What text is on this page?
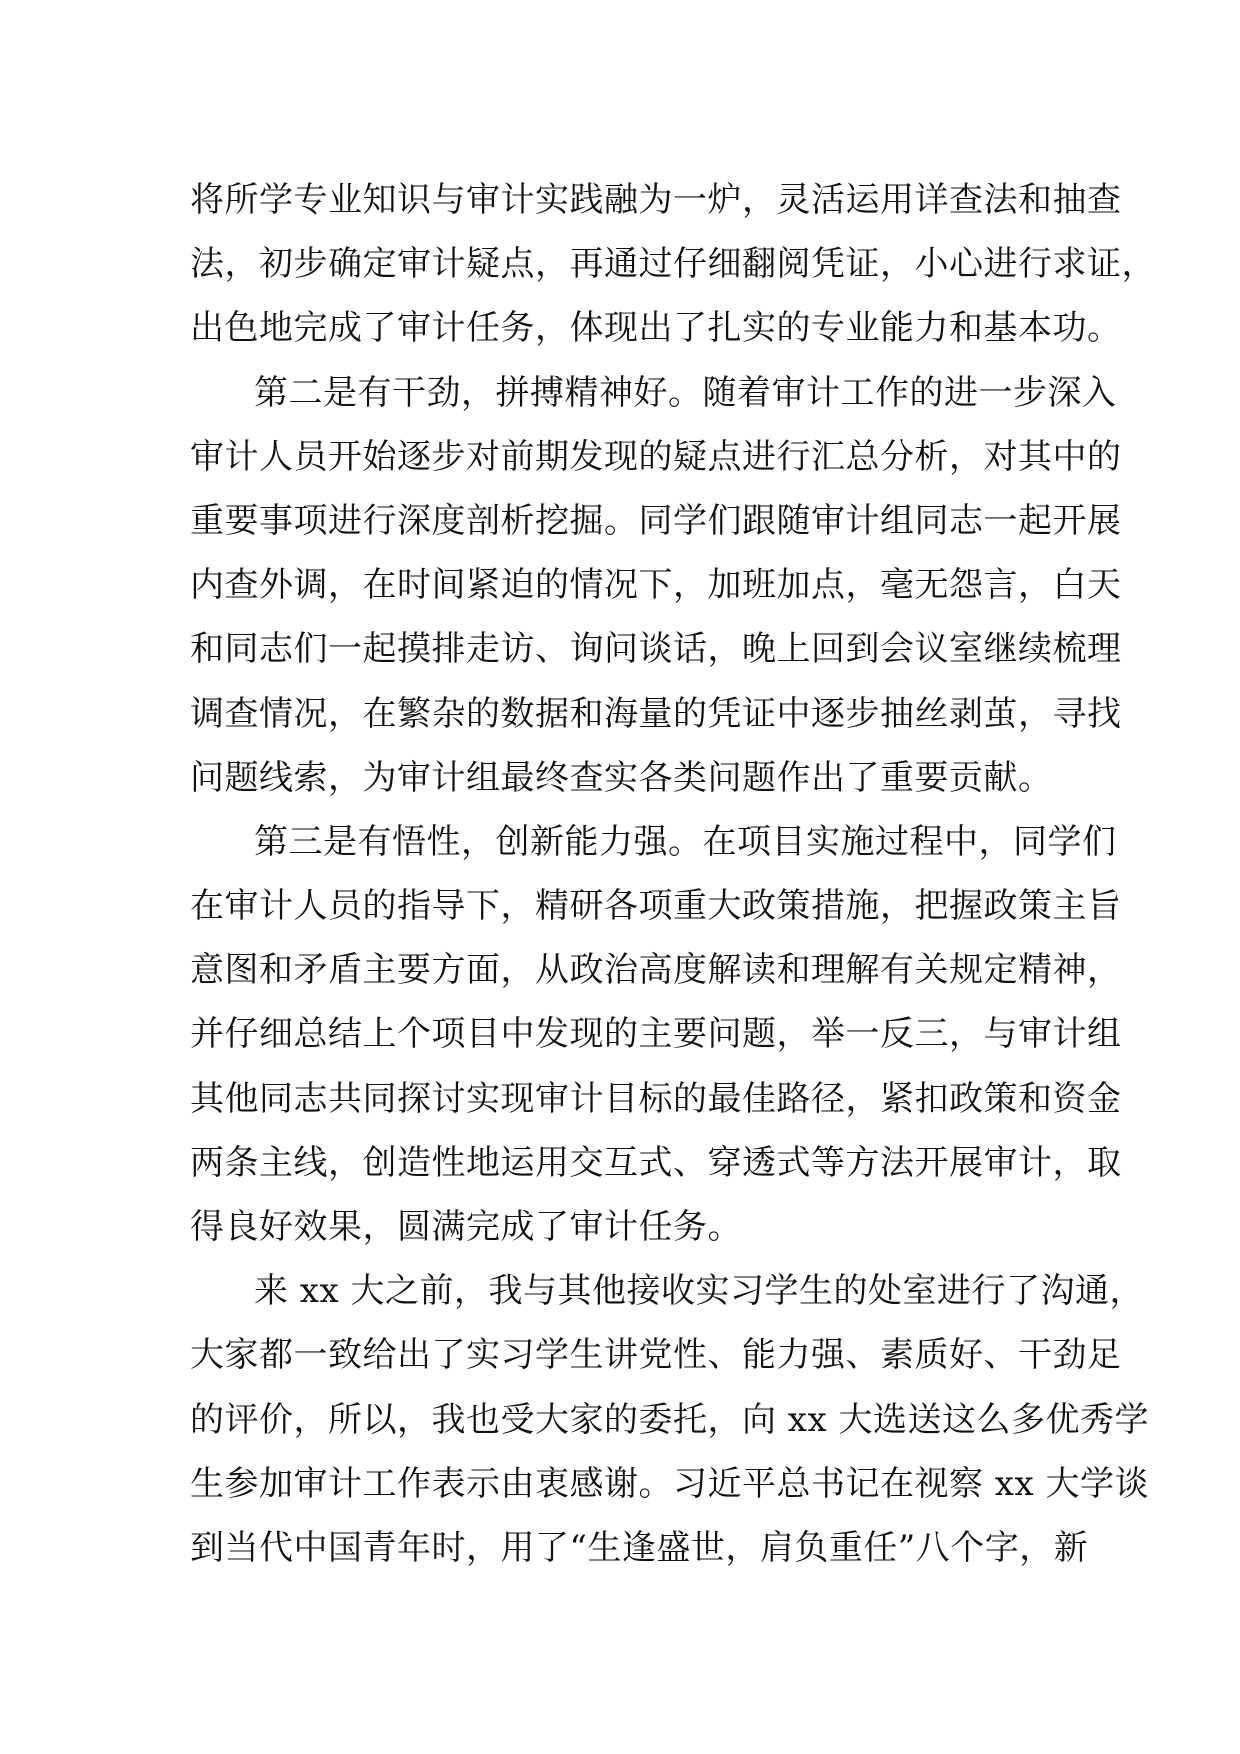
将所学专业知识与审计实践融为一炉，灵活运用详查法和抽查
法，初步确定审计疑点，再通过仔细翻阅凭证，小心进行求证，
出色地完成了审计任务，体现出了扎实的专业能力和基本功。
第二是有干劲，拼搏精神好。随着审计工作的进一步深入
审计人员开始逐步对前期发现的疑点进行汇总分析，对其中的
重要事项进行深度剖析挖掘。同学们跟随审计组同志一起开展
内查外调，在时间紧迫的情况下，加班加点，毫无怨言，白天
和同志们一起摸排走访、询问谈话，晚上回到会议室继续梳理
调查情况，在繁杂的数据和海量的凭证中逐步抽丝剥茧，寻找
问题线索，为审计组最终查实各类问题作出了重要贡献。
第三是有悟性，创新能力强。在项目实施过程中，同学们
在审计人员的指导下，精研各项重大政策措施，把握政策主旨
意图和矛盾主要方面，从政治高度解读和理解有关规定精神，
并仔细总结上个项目中发现的主要问题，举一反三，与审计组
其他同志共同探讨实现审计目标的最佳路径，紧扣政策和资金
两条主线，创造性地运用交互式、穿透式等方法开展审计，取
得良好效果，圆满完成了审计任务。
来 xx 大之前，我与其他接收实习学生的处室进行了沟通，
大家都一致给出了实习学生讲党性、能力强、素质好、干劲足
的评价，所以，我也受大家的委托，向 xx 大选送这么多优秀学
生参加审计工作表示由衷感谢。习近平总书记在视察 xx 大学谈
到当代中国青年时，用了“生逢盛世，肩负重任”八个字，新
